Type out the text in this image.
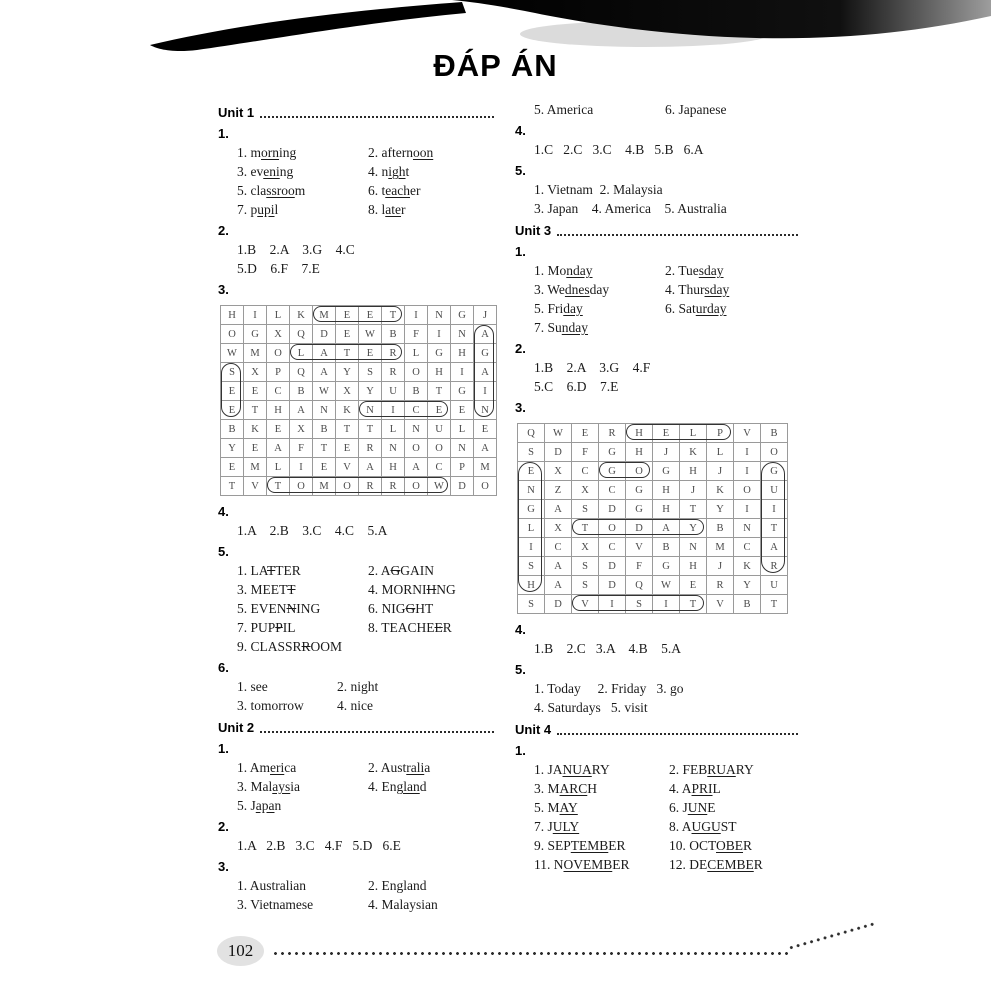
ĐÁP ÁN
Unit 1
1.
1. morning	2. afternoon
3. evening	4. night
5. classroom	6. teacher
7. pupil	8. later
2.
1.B    2.A    3.G    4.C
5.D    6.F    7.E
3.
H	I	L	K	M	E	E	T	I	N	G	J
O	G	X	Q	D	E	W	B	F	I	N	A
W	M	O	L	A	T	E	R	L	G	H	G
S	X	P	Q	A	Y	S	R	O	H	I	A
E	E	C	B	W	X	Y	U	B	T	G	I
E	T	H	A	N	K	N	I	C	E	E	N
B	K	E	X	B	T	T	L	N	U	L	E
Y	E	A	F	T	E	R	N	O	O	N	A
E	M	L	I	E	V	A	H	A	C	P	M
T	V	T	O	M	O	R	R	O	W	D	O
4.
1.A    2.B    3.C    4.C    5.A
5.
1. LATTER	2. AGGAIN
3. MEETT	4. MORNIHNG
5. EVENNING	6. NIGGHT
7. PUPPIL	8. TEACHEER
9. CLASSRROOM
6.
1. see	2. night
3. tomorrow	4. nice
Unit 2
1.
1. America	2. Australia
3. Malaysia	4. England
5. Japan
2.
1.A   2.B   3.C   4.F   5.D   6.E
3.
1. Australian	2. England
3. Vietnamese	4. Malaysian
5. America	6. Japanese
4.
1.C   2.C   3.C    4.B   5.B   6.A
5.
1. Vietnam  2. Malaysia
3. Japan    4. America    5. Australia
Unit 3
1.
1. Monday	2. Tuesday
3. Wednesday	4. Thursday
5. Friday	6. Saturday
7. Sunday
2.
1.B    2.A    3.G    4.F
5.C    6.D    7.E
3.
Q	W	E	R	H	E	L	P	V	B
S	D	F	G	H	J	K	L	I	O
E	X	C	G	O	G	H	J	I	G
N	Z	X	C	G	H	J	K	O	U
G	A	S	D	G	H	T	Y	I	I
L	X	T	O	D	A	Y	B	N	T
I	C	X	C	V	B	N	M	C	A
S	A	S	D	F	G	H	J	K	R
H	A	S	D	Q	W	E	R	Y	U
S	D	V	I	S	I	T	V	B	T
4.
1.B    2.C   3.A    4.B    5.A
5.
1. Today     2. Friday   3. go
4. Saturdays   5. visit
Unit 4
1.
1. JANUARY	2. FEBRUARY
3. MARCH	4. APRIL
5. MAY	6. JUNE
7. JULY	8. AUGUST
9. SEPTEMBER	10. OCTOBER
11. NOVEMBER	12. DECEMBER
102
